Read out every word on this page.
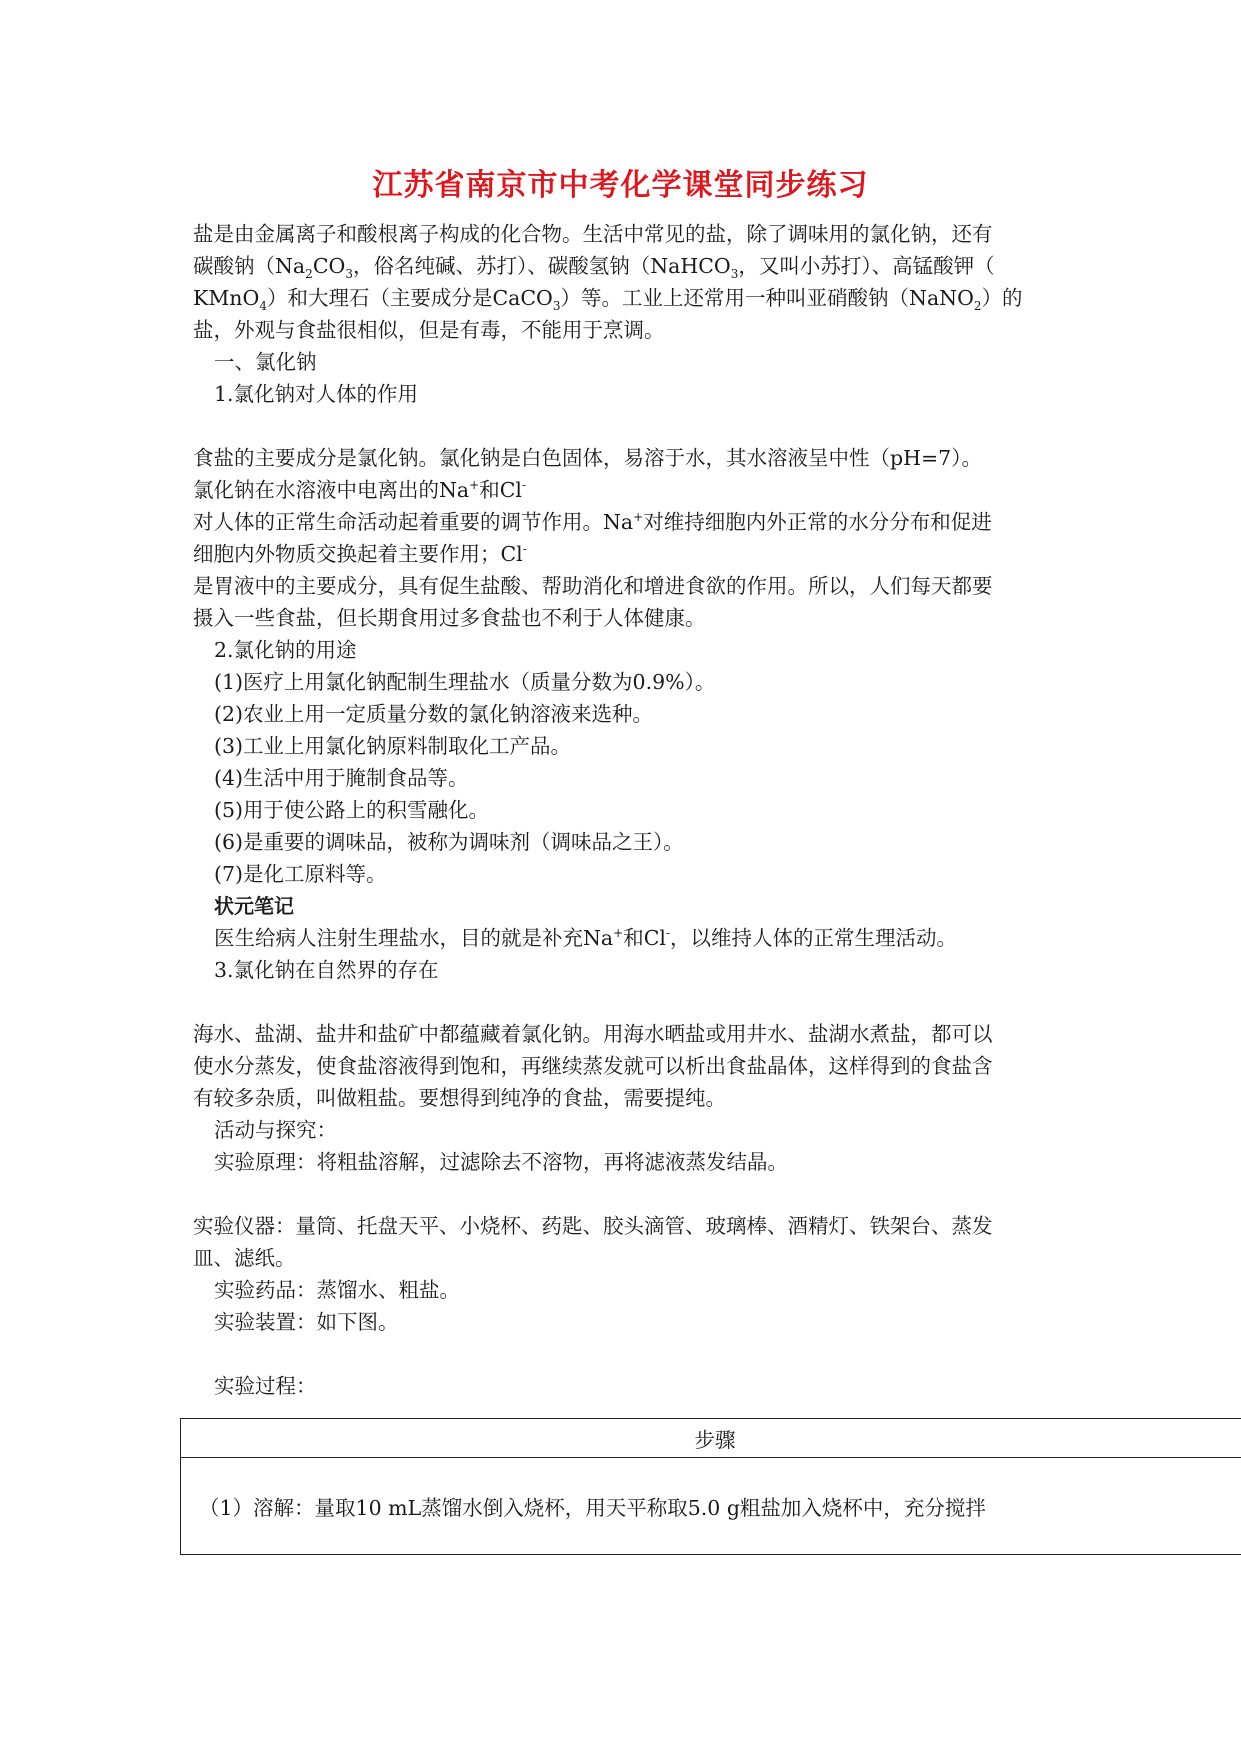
江苏省南京市中考化学课堂同步练习
盐是由金属离子和酸根离子构成的化合物。生活中常见的盐，除了调味用的氯化钠，还有
碳酸钠（$Na_2CO_3$，俗名纯碱、苏打）、碳酸氢钠（NaHCO$_3$，又叫小苏打）、高锰酸钾（
KMnO$_4$）和大理石（主要成分是CaCO$_3$）等。工业上还常用一种叫亚硝酸钠（NaNO$_2$）的
盐，外观与食盐很相似，但是有毒，不能用于烹调。
一、氯化钠
1.氯化钠对人体的作用
食盐的主要成分是氯化钠。氯化钠是白色固体，易溶于水，其水溶液呈中性（pH=7）。
氯化钠在水溶液中电离出的Na+和Cl-
对人体的正常生命活动起着重要的调节作用。Na+对维持细胞内外正常的水分分布和促进
细胞内外物质交换起着主要作用；Cl-
是胃液中的主要成分，具有促生盐酸、帮助消化和增进食欲的作用。所以，人们每天都要
摄入一些食盐，但长期食用过多食盐也不利于人体健康。
2.氯化钠的用途
(1)医疗上用氯化钠配制生理盐水（质量分数为0.9%）。
(2)农业上用一定质量分数的氯化钠溶液来选种。
(3)工业上用氯化钠原料制取化工产品。
(4)生活中用于腌制食品等。
(5)用于使公路上的积雪融化。
(6)是重要的调味品，被称为调味剂（调味品之王）。
(7)是化工原料等。
状元笔记
医生给病人注射生理盐水，目的就是补充Na+和Cl-，以维持人体的正常生理活动。
3.氯化钠在自然界的存在
海水、盐湖、盐井和盐矿中都蕴藏着氯化钠。用海水晒盐或用井水、盐湖水煮盐，都可以
使水分蒸发，使食盐溶液得到饱和，再继续蒸发就可以析出食盐晶体，这样得到的食盐含
有较多杂质，叫做粗盐。要想得到纯净的食盐，需要提纯。
活动与探究：
实验原理：将粗盐溶解，过滤除去不溶物，再将滤液蒸发结晶。
实验仪器：量筒、托盘天平、小烧杯、药匙、胶头滴管、玻璃棒、酒精灯、铁架台、蒸发
皿、滤纸。
实验药品：蒸馏水、粗盐。
实验装置：如下图。
实验过程：
步骤
（1）溶解：量取10 mL蒸馏水倒入烧杯，用天平称取5.0 g粗盐加入烧杯中，充分搅拌
